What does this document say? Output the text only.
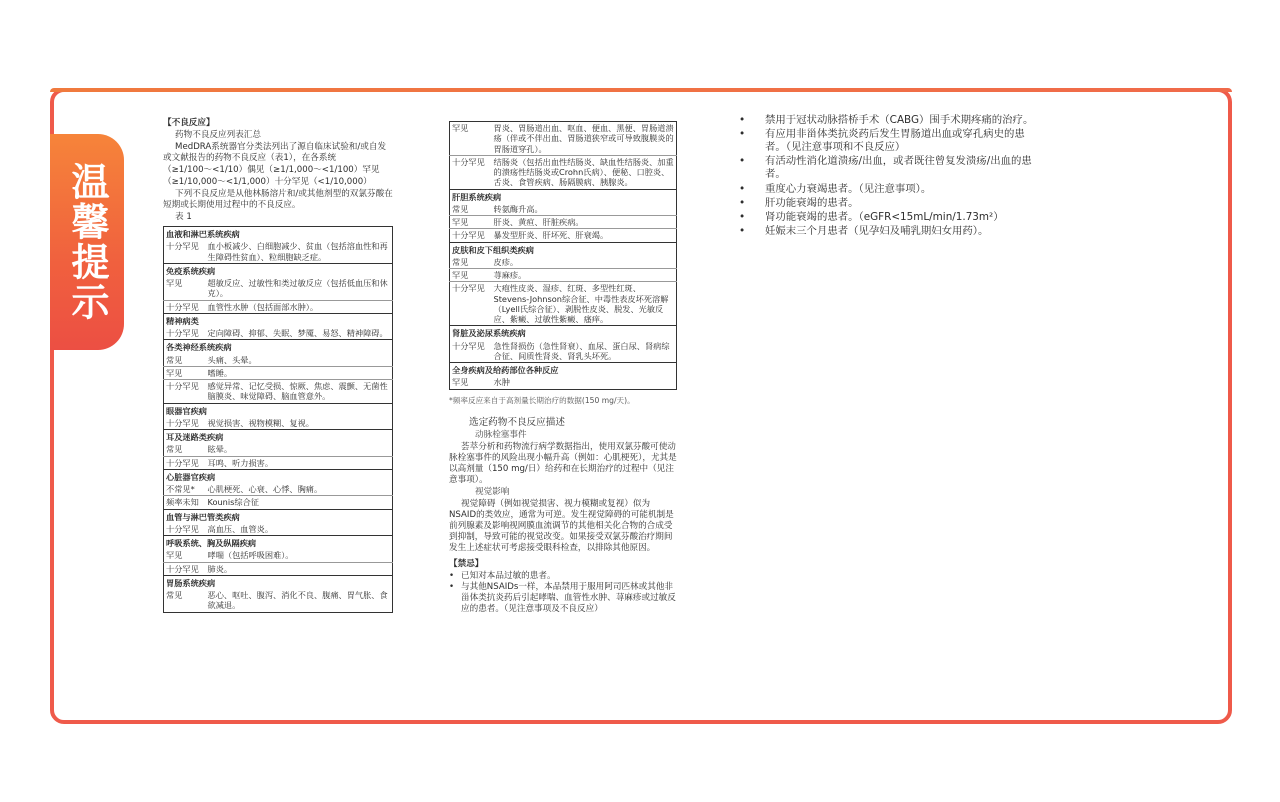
温馨提示
【不良反应】
药物不良反应列表汇总
MedDRA系统器官分类法列出了源自临床试验和/或自发或文献报告的药物不良反应（表1），在各系统
（≥1/100～<1/10）偶见（≥1/1,000～<1/100）罕见
（≥1/10,000～<1/1,000）十分罕见（<1/10,000）
下列不良反应是从他林肠溶片和/或其他剂型的双氯芬酸在短期或长期使用过程中的不良反应。
表 1
血液和淋巴系统疾病	
十分罕见	血小板减少、白细胞减少、贫血（包括溶血性和再生障碍性贫血）、粒细胞缺乏症。
免疫系统疾病	
罕见	超敏反应、过敏性和类过敏反应（包括低血压和休克）。
十分罕见	血管性水肿（包括面部水肿）。
精神病类	
十分罕见	定向障碍、抑郁、失眠、梦魇、易怒、精神障碍。
各类神经系统疾病	
常见	头痛、头晕。
罕见	嗜睡。
十分罕见	感觉异常、记忆受损、惊厥、焦虑、震颤、无菌性脑膜炎、味觉障碍、脑血管意外。
眼器官疾病	
十分罕见	视觉损害、视物模糊、复视。
耳及迷路类疾病	
常见	眩晕。
十分罕见	耳鸣、听力损害。
心脏器官疾病	
不常见*	心肌梗死、心衰、心悸、胸痛。
频率未知	Kounis综合征
血管与淋巴管类疾病	
十分罕见	高血压、血管炎。
呼吸系统、胸及纵隔疾病	
罕见	哮喘（包括呼吸困难）。
十分罕见	肺炎。
胃肠系统疾病	
常见	恶心、呕吐、腹泻、消化不良、腹痛、胃气胀、食欲减退。
罕见	胃炎、胃肠道出血、呕血、便血、黑便、胃肠道溃疡（伴或不伴出血、胃肠道狭窄或可导致腹膜炎的胃肠道穿孔）。
十分罕见	结肠炎（包括出血性结肠炎、缺血性结肠炎、加重的溃疡性结肠炎或Crohn氏病）、便秘、口腔炎、舌炎、食管疾病、肠隔膜病、胰腺炎。
肝胆系统疾病	
常见	转氨酶升高。
罕见	肝炎、黄疸、肝脏疾病。
十分罕见	暴发型肝炎、肝坏死、肝衰竭。
皮肤和皮下组织类疾病	
常见	皮疹。
罕见	荨麻疹。
十分罕见	大疱性皮炎、湿疹、红斑、多型性红斑、Stevens-Johnson综合征、中毒性表皮坏死溶解（Lyell氏综合征）、剥脱性皮炎、脱发、光敏反应、紫癜、过敏性紫癜、瘙痒。
肾脏及泌尿系统疾病	
十分罕见	急性肾损伤（急性肾衰）、血尿、蛋白尿、肾病综合征、间质性肾炎、肾乳头坏死。
全身疾病及给药部位各种反应	
罕见	水肿
*频率反应来自于高剂量长期治疗的数据(150 mg/天)。
选定药物不良反应描述
动脉栓塞事件
荟萃分析和药物流行病学数据指出，使用双氯芬酸可使动脉栓塞事件的风险出现小幅升高（例如：心肌梗死），尤其是以高剂量（150 mg/日）给药和在长期治疗的过程中（见注意事项）。
视觉影响
视觉障碍（例如视觉损害、视力模糊或复视）似为NSAID的类效应，通常为可逆。发生视觉障碍的可能机制是前列腺素及影响视网膜血流调节的其他相关化合物的合成受到抑制，导致可能的视觉改变。如果接受双氯芬酸治疗期间发生上述症状可考虑接受眼科检查，以排除其他原因。
【禁忌】
• 已知对本品过敏的患者。
• 与其他NSAIDs一样，本品禁用于服用阿司匹林或其他非甾体类抗炎药后引起哮喘、血管性水肿、荨麻疹或过敏反应的患者。（见注意事项及不良反应）
• 禁用于冠状动脉搭桥手术（CABG）围手术期疼痛的治疗。
• 有应用非甾体类抗炎药后发生胃肠道出血或穿孔病史的患者。（见注意事项和不良反应）
• 有活动性消化道溃疡/出血，或者既往曾复发溃疡/出血的患者。
• 重度心力衰竭患者。（见注意事项）。
• 肝功能衰竭的患者。
• 肾功能衰竭的患者。（eGFR<15mL/min/1.73m²）
• 妊娠末三个月患者（见孕妇及哺乳期妇女用药）。
